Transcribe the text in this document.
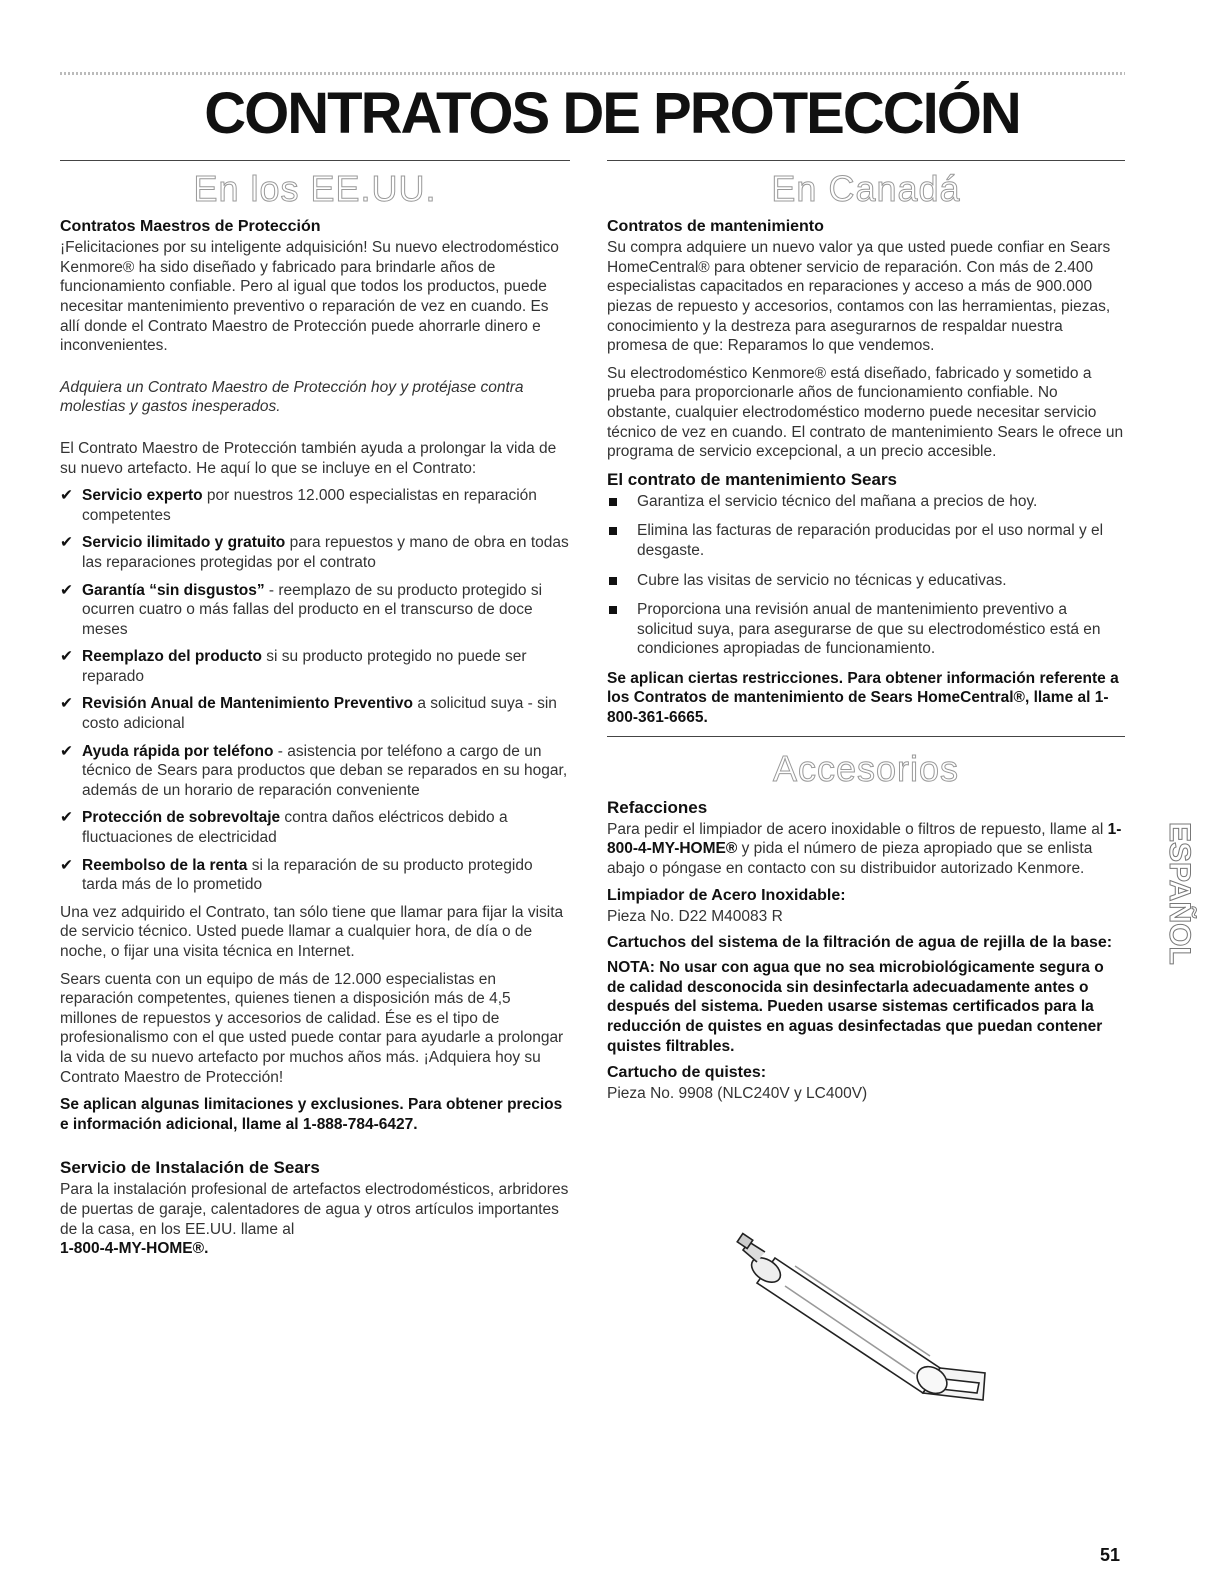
CONTRATOS DE PROTECCIÓN
En los EE.UU.
Contratos Maestros de Protección

¡Felicitaciones por su inteligente adquisición! Su nuevo electrodoméstico Kenmore® ha sido diseñado y fabricado para brindarle años de funcionamiento confiable. Pero al igual que todos los productos, puede necesitar mantenimiento preventivo o reparación de vez en cuando. Es allí donde el Contrato Maestro de Protección puede ahorrarle dinero e inconvenientes.

Adquiera un Contrato Maestro de Protección hoy y protéjase contra molestias y gastos inesperados.

El Contrato Maestro de Protección también ayuda a prolongar la vida de su nuevo artefacto. He aquí lo que se incluye en el Contrato:

✔ Servicio experto por nuestros 12.000 especialistas en reparación competentes
✔ Servicio ilimitado y gratuito para repuestos y mano de obra en todas las reparaciones protegidas por el contrato
✔ Garantía “sin disgustos” - reemplazo de su producto protegido si ocurren cuatro o más fallas del producto en el transcurso de doce meses
✔ Reemplazo del producto si su producto protegido no puede ser reparado
✔ Revisión Anual de Mantenimiento Preventivo a solicitud suya - sin costo adicional
✔ Ayuda rápida por teléfono - asistencia por teléfono a cargo de un técnico de Sears para productos que deban se reparados en su hogar, además de un horario de reparación conveniente
✔ Protección de sobrevoltaje contra daños eléctricos debido a fluctuaciones de electricidad
✔ Reembolso de la renta si la reparación de su producto protegido tarda más de lo prometido

Una vez adquirido el Contrato, tan sólo tiene que llamar para fijar la visita de servicio técnico. Usted puede llamar a cualquier hora, de día o de noche, o fijar una visita técnica en Internet.

Sears cuenta con un equipo de más de 12.000 especialistas en reparación competentes, quienes tienen a disposición más de 4,5 millones de repuestos y accesorios de calidad. Ése es el tipo de profesionalismo con el que usted puede contar para ayudarle a prolongar la vida de su nuevo artefacto por muchos años más. ¡Adquiera hoy su Contrato Maestro de Protección!

Se aplican algunas limitaciones y exclusiones. Para obtener precios e información adicional, llame al 1-888-784-6427.

Servicio de Instalación de Sears

Para la instalación profesional de artefactos electrodomésticos, arbridores de puertas de garaje, calentadores de agua y otros artículos importantes de la casa, en los EE.UU. llame al
1-800-4-MY-HOME®.

En Canadá
Contratos de mantenimiento

Su compra adquiere un nuevo valor ya que usted puede confiar en Sears HomeCentral® para obtener servicio de reparación. Con más de 2.400 especialistas capacitados en reparaciones y acceso a más de 900.000 piezas de repuesto y accesorios, contamos con las herramientas, piezas, conocimiento y la destreza para asegurarnos de respaldar nuestra promesa de que: Reparamos lo que vendemos.

Su electrodoméstico Kenmore® está diseñado, fabricado y sometido a prueba para proporcionarle años de funcionamiento confiable. No obstante, cualquier electrodoméstico moderno puede necesitar servicio técnico de vez en cuando. El contrato de mantenimiento Sears le ofrece un programa de servicio excepcional, a un precio accesible.

El contrato de mantenimiento Sears
Garantiza el servicio técnico del mañana a precios de hoy.
Elimina las facturas de reparación producidas por el uso normal y el desgaste.
Cubre las visitas de servicio no técnicas y educativas.
Proporciona una revisión anual de mantenimiento preventivo a solicitud suya, para asegurarse de que su electrodoméstico está en condiciones apropiadas de funcionamiento.

Se aplican ciertas restricciones. Para obtener información referente a los Contratos de mantenimiento de Sears HomeCentral®, llame al 1-800-361-6665.

Accesorios
Refacciones

Para pedir el limpiador de acero inoxidable o filtros de repuesto, llame al 1-800-4-MY-HOME® y pida el número de pieza apropiado que se enlista abajo o póngase en contacto con su distribuidor autorizado Kenmore.

Limpiador de Acero Inoxidable:

Pieza No. D22 M40083 R

Cartuchos del sistema de la filtración de agua de rejilla de la base:

NOTA: No usar con agua que no sea microbiológicamente segura o de calidad desconocida sin desinfectarla adecuadamente antes o después del sistema. Pueden usarse sistemas certificados para la reducción de quistes en aguas desinfectadas que puedan contener quistes filtrables.

Cartucho de quistes:

Pieza No. 9908 (NLC240V y LC400V)

ESPAÑOL
51
